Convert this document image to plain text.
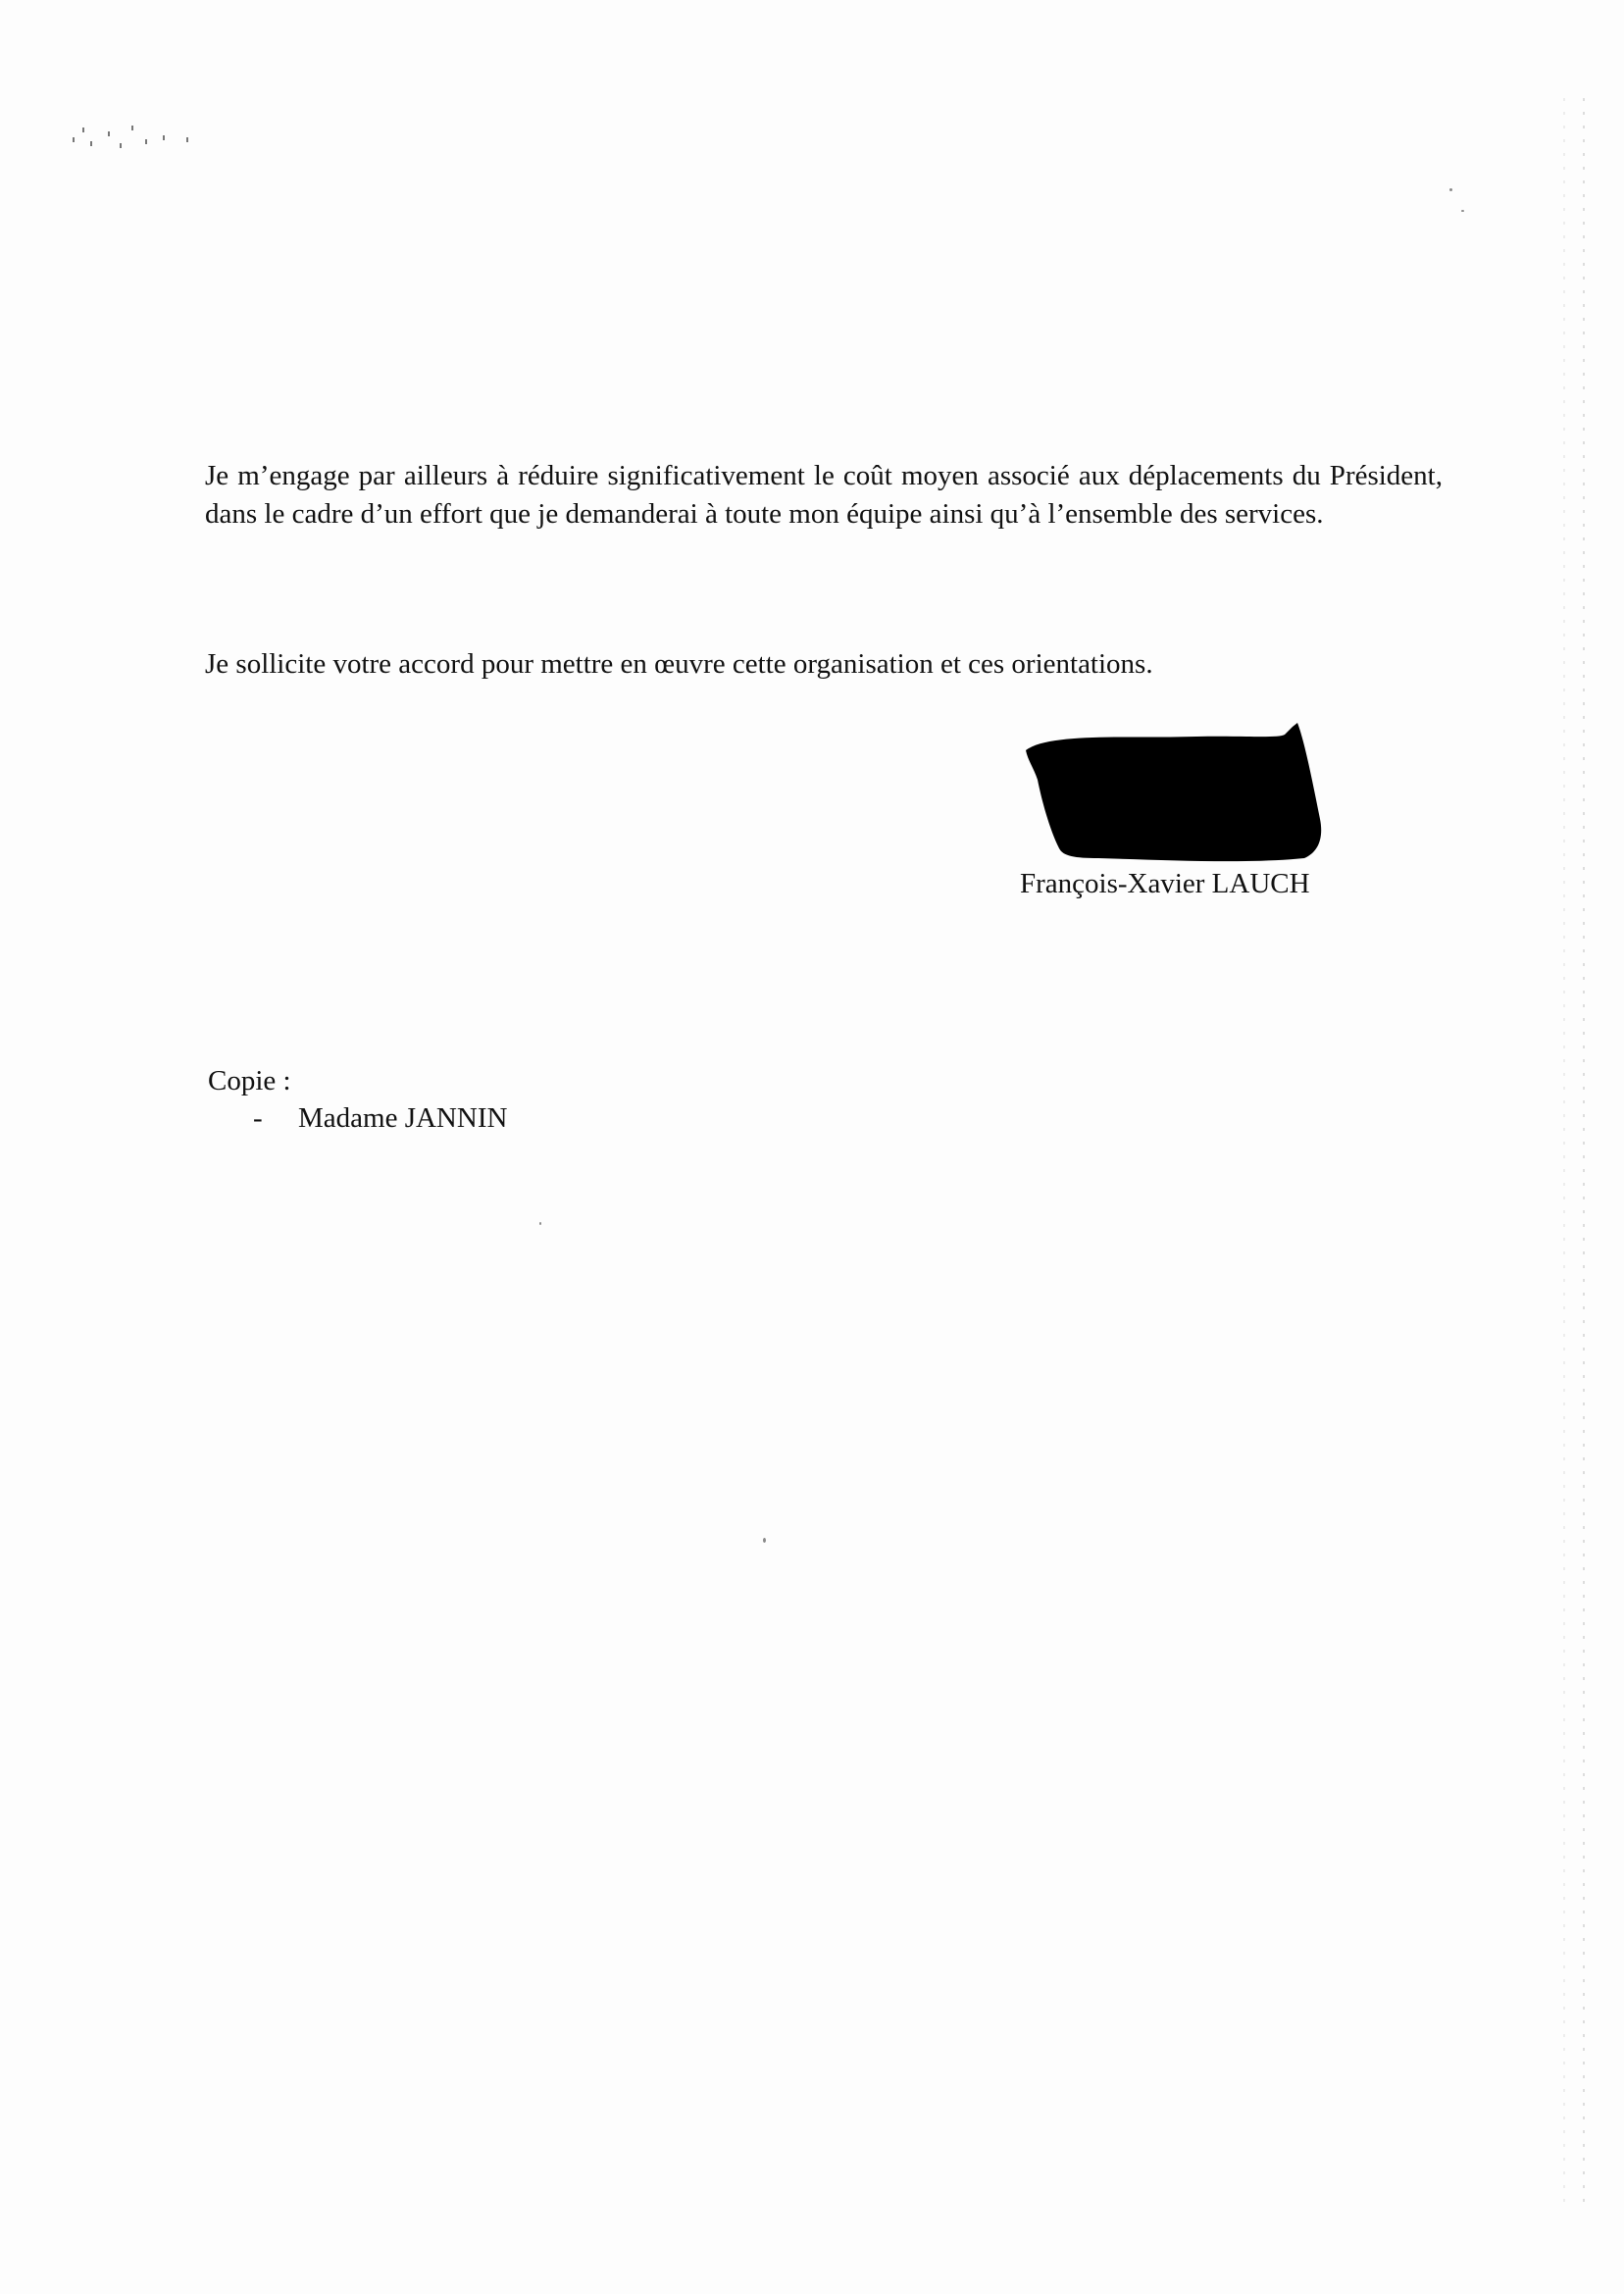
Je m’engage par ailleurs à réduire significativement le coût moyen associé aux déplacements du Président, dans le cadre d’un effort que je demanderai à toute mon équipe ainsi qu’à l’ensemble des services.

Je sollicite votre accord pour mettre en œuvre cette organisation et ces orientations.

François-Xavier LAUCH
Copie :
- Madame JANNIN
